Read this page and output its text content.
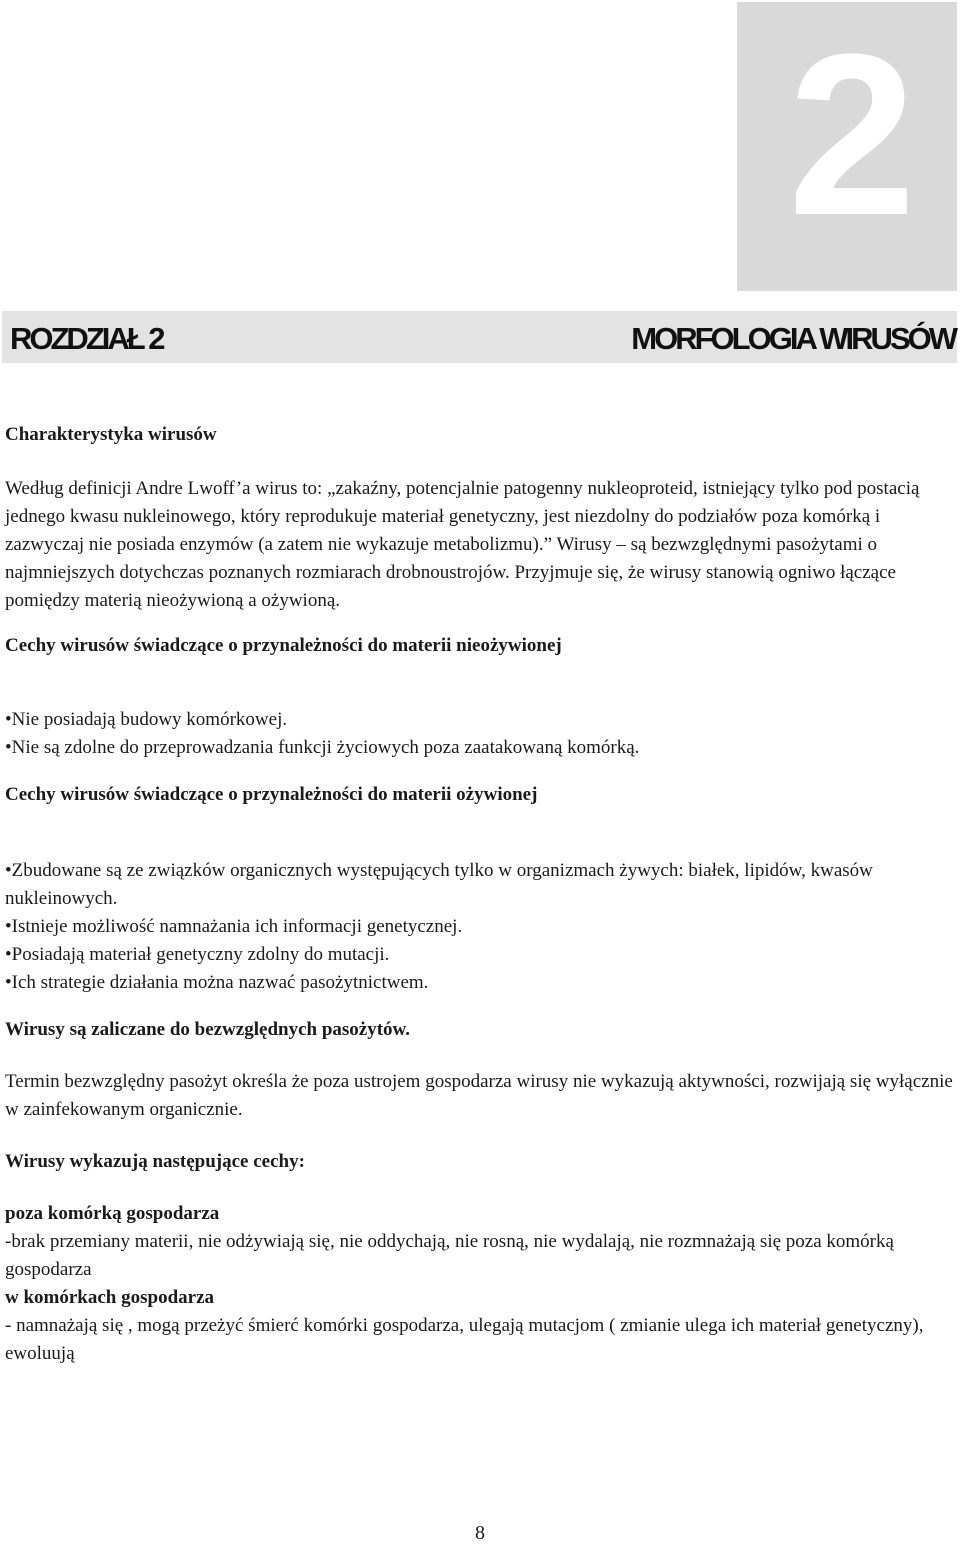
2
ROZDZIAŁ 2	MORFOLOGIA WIRUSÓW

Charakterystyka wirusów

Według definicji Andre Lwoff’a wirus to: „zakaźny, potencjalnie patogenny nukleoproteid, istniejący tylko pod postacią jednego kwasu nukleinowego, który reprodukuje materiał genetyczny, jest niezdolny do podziałów poza komórką i zazwyczaj nie posiada enzymów (a zatem nie wykazuje metabolizmu).” Wirusy – są bezwzględnymi pasożytami o najmniejszych dotychczas poznanych rozmiarach drobnoustrojów. Przyjmuje się, że wirusy stanowią ogniwo łączące pomiędzy materią nieożywioną a ożywioną.

Cechy wirusów świadczące o przynależności do materii nieożywionej

• Nie posiadają budowy komórkowej.
• Nie są zdolne do przeprowadzania funkcji życiowych poza zaatakowaną komórką.

Cechy wirusów świadczące o przynależności do materii ożywionej

• Zbudowane są ze związków organicznych występujących tylko w organizmach żywych: białek, lipidów, kwasów nukleinowych.
• Istnieje możliwość namnażania ich informacji genetycznej.
• Posiadają materiał genetyczny zdolny do mutacji.
• Ich strategie działania można nazwać pasożytnictwem.

Wirusy są zaliczane do bezwzględnych pasożytów.

Termin bezwzględny pasożyt określa że poza ustrojem gospodarza wirusy nie wykazują aktywności, rozwijają się wyłącznie w zainfekowanym organicznie.

Wirusy wykazują następujące cechy:

poza komórką gospodarza

-brak przemiany materii, nie odżywiają się, nie oddychają, nie rosną, nie wydalają, nie rozmnażają się poza komórką gospodarza

w komórkach gospodarza

- namnażają się , mogą przeżyć śmierć komórki gospodarza, ulegają mutacjom ( zmianie ulega ich materiał genetyczny), ewoluują

8
